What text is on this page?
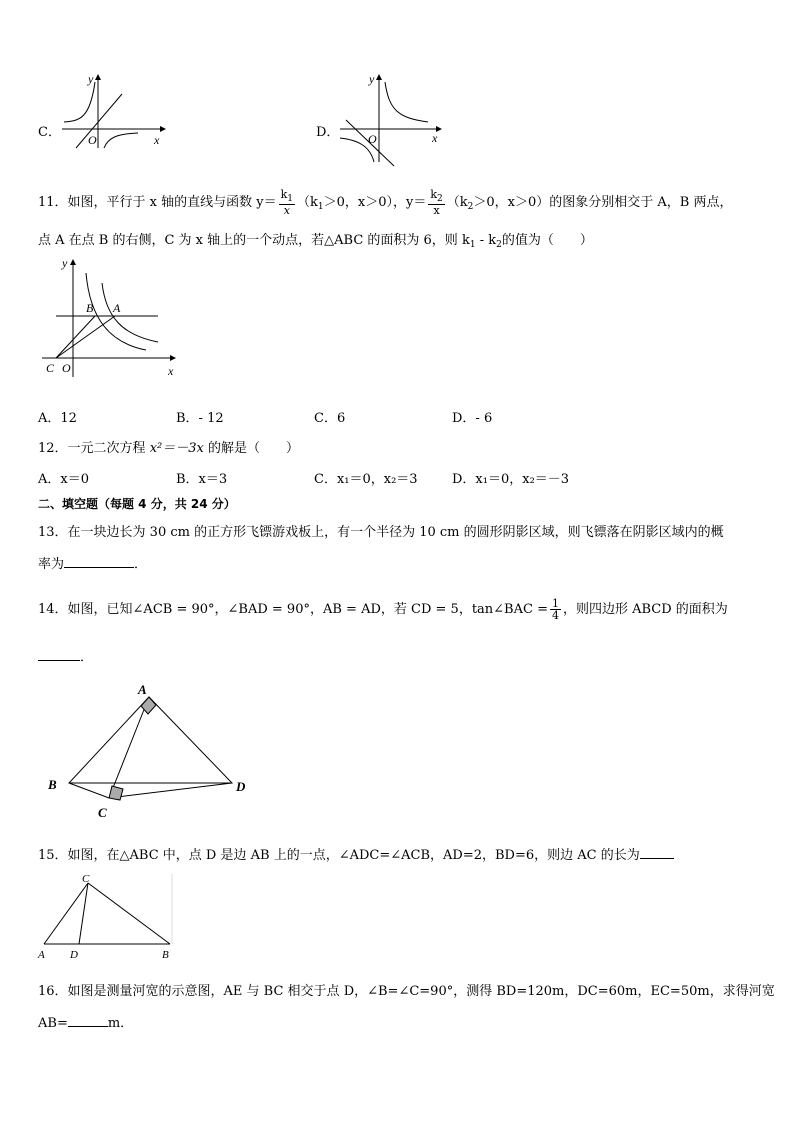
C．
y
x
O	D．
y
x
O
11．如图，平行于 x 轴的直线与函数 $y= \frac{k_1}{x} (k_1>0$，x＞0），$y= \frac{k_2}{x} (k_2>0$，x＞0）的图象分别相交于 A，B 两点，
点 A 在点 B 的右侧，C 为 x 轴上的一个动点，若△ABC 的面积为 6，则 $k_1 - k_2$的值为（　　）
y
x
B A
C O
A．12	B．- 12	C．6	D．- 6
12．一元二次方程 x²＝－3x 的解是（　　）
A．x＝0	B．x＝3	C．x₁＝0，x₂＝3	D．x₁＝0，x₂＝－3
二、填空题（每题 4 分，共 24 分）
13．在一块边长为 30 cm 的正方形飞镖游戏板上，有一个半径为 10 cm 的圆形阴影区域，则飞镖落在阴影区域内的概
率为	．
14．如图，已知∠ACB = 90°，∠BAD = 90°，AB = AD，若 CD = 5，tan∠BAC = $\frac{1}{4}$ ，则四边形 ABCD 的面积为
．
A
B
C
D
15．如图，在△ABC 中，点 D 是边 AB 上的一点，∠ADC=∠ACB，AD=2，BD=6，则边 AC 的长为
C
A D	B
16．如图是测量河宽的示意图，AE 与 BC 相交于点 D，∠B=∠C=90°，测得 BD=120m，DC=60m，EC=50m，求得河宽
AB=	m．
